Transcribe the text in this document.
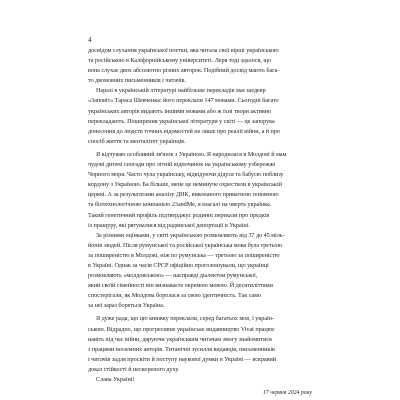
4
досвідом слухання української поетки, яка читала свої вірші українською
та російською в Каліфорнійському університеті. Леря тоді здалося, що
вона слухає двох абсолютно різних авторок. Подібний досвід мають бага-
то двомовних письменників і читачів.
Наразі в українській літературі найбільше перекладів має шедевр
«Заповіт» Тараса Шевченка: його переклали 147 мовами. Сьогодні багато
українських авторів видають іншими мовами або ж їхні твори активно
перекладають. Поширення української літератури у світі — це запорука
донесення до людств точних відомостей не лише про реалії війни, а й про
спосіб життя та менталітет українців.
Я відчуваю особливий зв'язок з Україною. Я народилася в Молдові й мам
чудові дитячі спогади про літній відпочинок на українському узбережжі
Чорного моря. Часто чула українську, відвідуючи дідуся та бабусю поблизу
кордону з Україною. Ба більше, мене це неминуче охрестили в українській
церкві. А за результатами аналізу ДНК, виконаного приватною геномною
та біотехнологічною компанією 23andMe, я взагалі на чверть українка.
Такий генетичний профіль підтверджує родинні перекази про предків
із пращуру, які рятувалися від радянської депортації в Україні.
За різними оцінками, у світі українською розмовляють від 37 до 45 міль-
йонів людей. Після румунської та російської українська мова була третьою
за поширеністю в Молдові, ніж по румунська — третьою за поширеністю
в Україні. Однак за часів СРСР офіційно проголошували, що українці
розмовляють «молдовською» — насправді діалектом румунської,
який своїй сімейності він визнаваєте окремою мовою. Й десятиліттями
спостерігали, як Молдова боролася за свою ідентичність. Так само
за неї зараз бореться Україна.
Я дуже рада, що цю книжку переклали, серед багатьох мов, і україн-
ською. Відрадно, що прогресивне українське видавництво Vivat працює
навіть під час війни, даруючи українським читачам змогу знайомитися
з працями іноземних авторів. Титанічні зусилля видавців, письменників
і читачів задля просвіти й поступу наукової думки в Україні — яскравий
доказ стійкості й нескореного духу.
Слава Україні!
17 червня 2024 року
